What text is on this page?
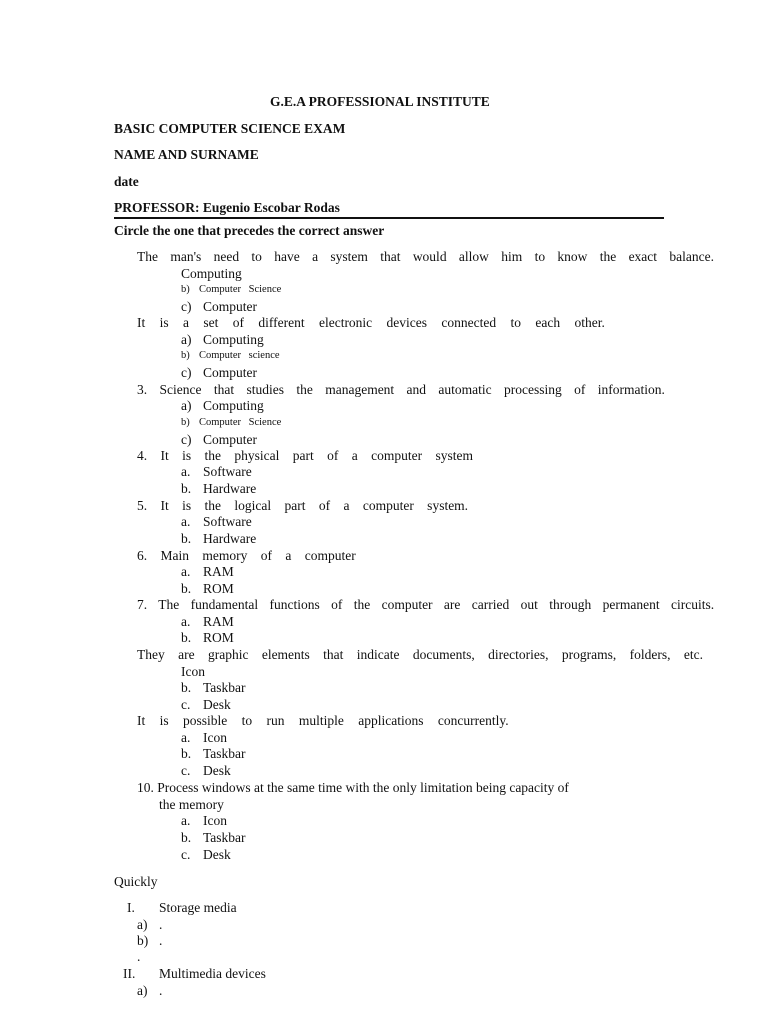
G.E.A PROFESSIONAL INSTITUTE
BASIC COMPUTER SCIENCE EXAM
NAME AND SURNAME
date
PROFESSOR: Eugenio Escobar Rodas
Circle the one that precedes the correct answer
The man's need to have a system that would allow him to know the exact balance.
Computing
b) Computer Science
c) Computer
It is a set of different electronic devices connected to each other.
a) Computing
b) Computer science
c) Computer
3. Science that studies the management and automatic processing of information.
a) Computing
b) Computer Science
c) Computer
4. It is the physical part of a computer system
a. Software
b. Hardware
5. It is the logical part of a computer system.
a. Software
b. Hardware
6. Main memory of a computer
a. RAM
b. ROM
7. The fundamental functions of the computer are carried out through permanent circuits.
a. RAM
b. ROM
They are graphic elements that indicate documents, directories, programs, folders, etc.
Icon
b. Taskbar
c. Desk
It is possible to run multiple applications concurrently.
a. Icon
b. Taskbar
c. Desk
10. Process windows at the same time with the only limitation being capacity of
the memory
a. Icon
b. Taskbar
c. Desk
Quickly
I. Storage media
a) .
b) .
.
II. Multimedia devices
a) .
